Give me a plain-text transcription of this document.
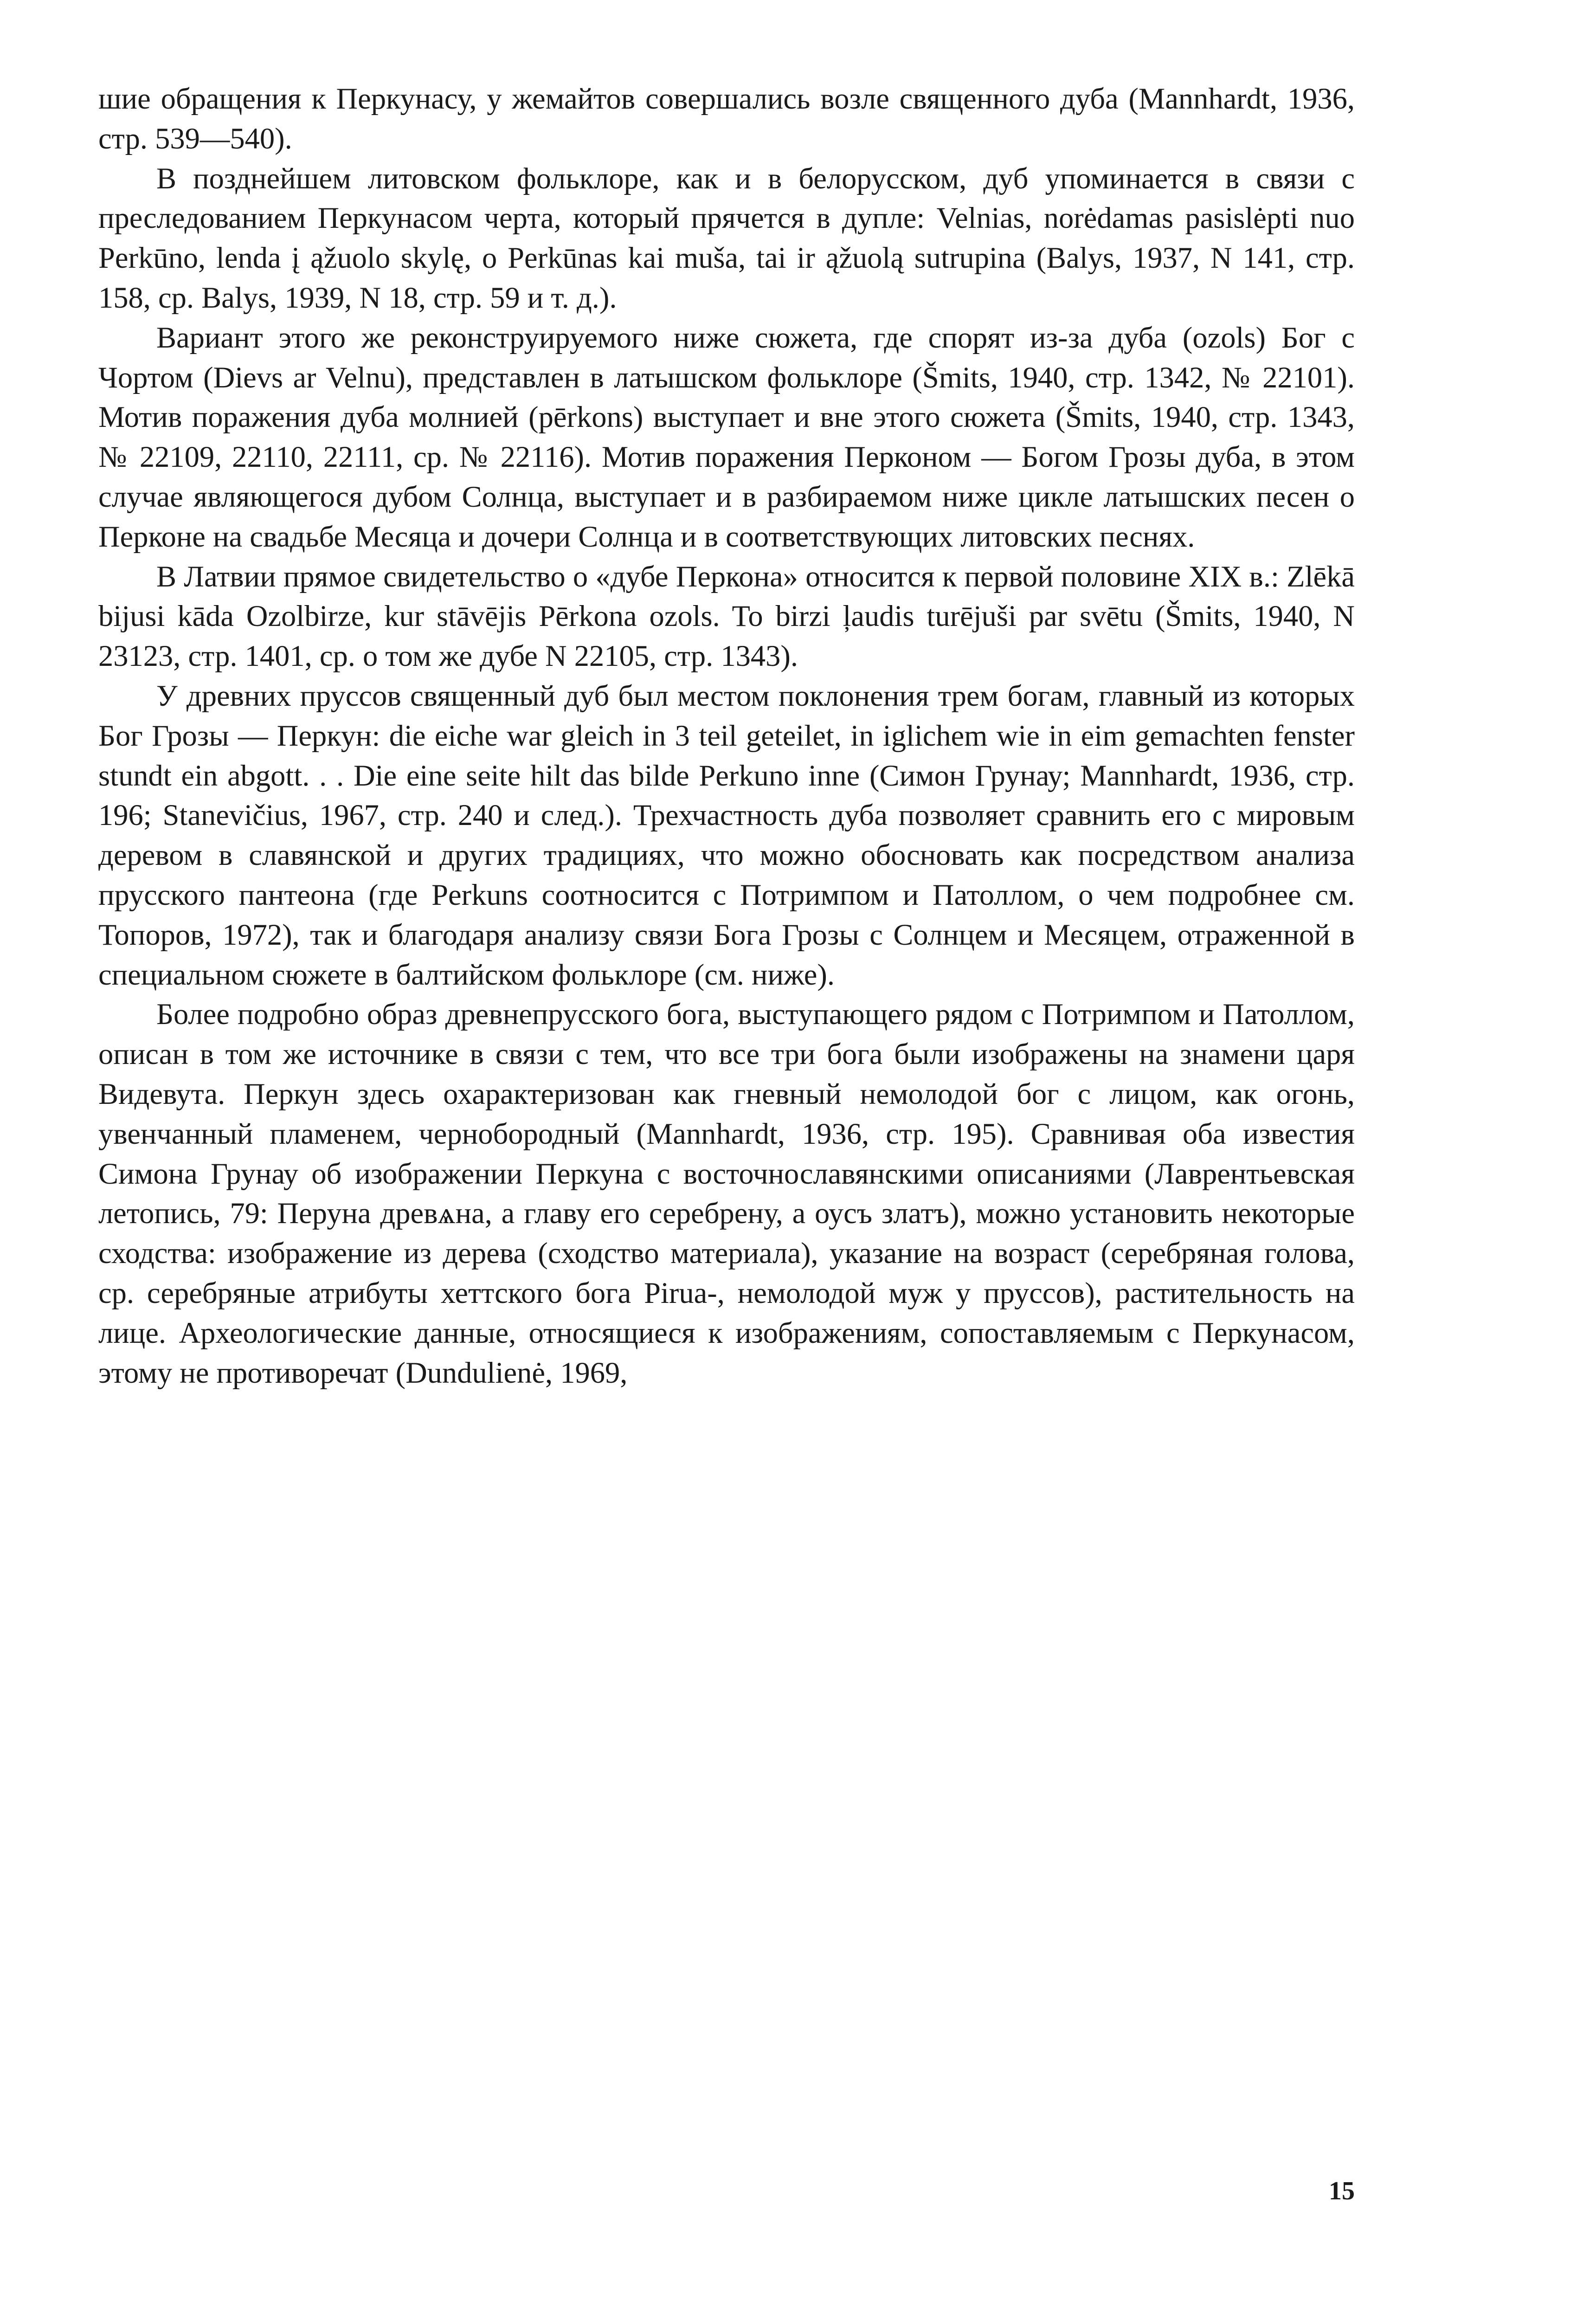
шие обращения к Перкунасу, у жемайтов совершались возле священного дуба (Mannhardt, 1936, стр. 539—540).

В позднейшем литовском фольклоре, как и в белорусском, дуб упоминается в связи с преследованием Перкунасом черта, который прячется в дупле: Velnias, norėdamas pasislėpti nuo Perkūno, lenda į ąžuolo skylę, o Perkūnas kai muša, tai ir ąžuolą sutrupina (Balys, 1937, N 141, стр. 158, ср. Balys, 1939, N 18, стр. 59 и т. д.).

Вариант этого же реконструируемого ниже сюжета, где спорят из-за дуба (ozols) Бог с Чортом (Dievs ar Velnu), представлен в латышском фольклоре (Šmits, 1940, стр. 1342, № 22101). Мотив поражения дуба молнией (pērkons) выступает и вне этого сюжета (Šmits, 1940, стр. 1343, № 22109, 22110, 22111, ср. № 22116). Мотив поражения Перконом — Богом Грозы дуба, в этом случае являющегося дубом Солнца, выступает и в разбираемом ниже цикле латышских песен о Перконе на свадьбе Месяца и дочери Солнца и в соответствующих литовских песнях.

В Латвии прямое свидетельство о «дубе Перкона» относится к первой половине XIX в.: Zlēkā bijusi kāda Ozolbirze, kur stāvējis Pērkona ozols. To birzi ļaudis turējuši par svētu (Šmits, 1940, N 23123, стр. 1401, ср. о том же дубе N 22105, стр. 1343).

У древних пруссов священный дуб был местом поклонения трем богам, главный из которых Бог Грозы — Перкун: die eiche war gleich in 3 teil geteilet, in iglichem wie in eim gemachten fenster stundt ein abgott. . . Die eine seite hilt das bilde Perkuno inne (Симон Грунау; Mannhardt, 1936, стр. 196; Stanevičius, 1967, стр. 240 и след.). Трехчастность дуба позволяет сравнить его с мировым деревом в славянской и других традициях, что можно обосновать как посредством анализа прусского пантеона (где Perkuns соотносится с Потримпом и Патоллом, о чем подробнее см. Топоров, 1972), так и благодаря анализу связи Бога Грозы с Солнцем и Месяцем, отраженной в специальном сюжете в балтийском фольклоре (см. ниже).

Более подробно образ древнепрусского бога, выступающего рядом с Потримпом и Патоллом, описан в том же источнике в связи с тем, что все три бога были изображены на знамени царя Видевута. Перкун здесь охарактеризован как гневный немолодой бог с лицом, как огонь, увенчанный пламенем, чернобородный (Mannhardt, 1936, стр. 195). Сравнивая оба известия Симона Грунау об изображении Перкуна с восточнославянскими описаниями (Лаврентьевская летопись, 79: Перуна древѧна, а главу его серебрену, а оусъ златъ), можно установить некоторые сходства: изображение из дерева (сходство материала), указание на возраст (серебряная голова, ср. серебряные атрибуты хеттского бога Pirua-, немолодой муж у пруссов), растительность на лице. Археологические данные, относящиеся к изображениям, сопоставляемым с Перкунасом, этому не противоречат (Dundulienė, 1969,

15
